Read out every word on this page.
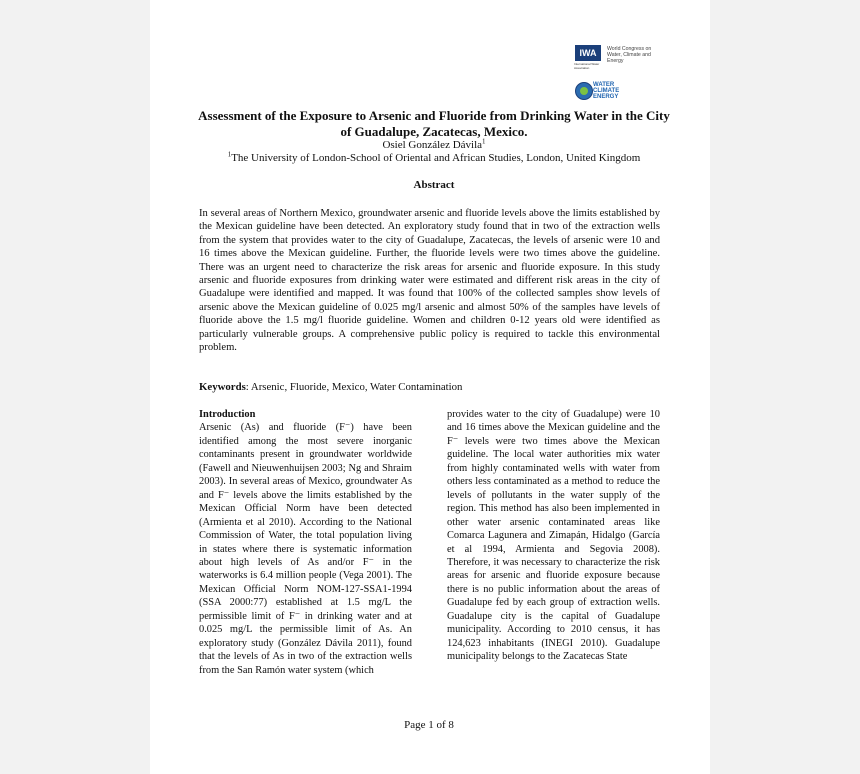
IWA
International Water Association
World Congress on Water, Climate and Energy
WATER CLIMATE ENERGY
Assessment of the Exposure to Arsenic and Fluoride from Drinking Water in the City of Guadalupe, Zacatecas, Mexico.
Osiel González Dávila$^1$
$^1$The University of London-School of Oriental and African Studies, London, United Kingdom
Abstract

In several areas of Northern Mexico, groundwater arsenic and fluoride levels above the limits established by the Mexican guideline have been detected. An exploratory study found that in two of the extraction wells from the system that provides water to the city of Guadalupe, Zacatecas, the levels of arsenic were 10 and 16 times above the Mexican guideline. Further, the fluoride levels were two times above the guideline. There was an urgent need to characterize the risk areas for arsenic and fluoride exposure. In this study arsenic and fluoride exposures from drinking water were estimated and different risk areas in the city of Guadalupe were identified and mapped. It was found that 100% of the collected samples show levels of arsenic above the Mexican guideline of 0.025 mg/l arsenic and almost 50% of the samples have levels of fluoride above the 1.5 mg/l fluoride guideline. Women and children 0-12 years old were identified as particularly vulnerable groups. A comprehensive public policy is required to tackle this environmental problem.

Keywords: Arsenic, Fluoride, Mexico, Water Contamination
Introduction

Arsenic (As) and fluoride (F⁻) have been identified among the most severe inorganic contaminants present in groundwater worldwide (Fawell and Nieuwenhuijsen 2003; Ng and Shraim 2003). In several areas of Mexico, groundwater As and F⁻ levels above the limits established by the Mexican Official Norm have been detected (Armienta et al 2010). According to the National Commission of Water, the total population living in states where there is systematic information about high levels of As and/or F⁻ in the waterworks is 6.4 million people (Vega 2001). The Mexican Official Norm NOM-127-SSA1-1994 (SSA 2000:77) established at 1.5 mg/L the permissible limit of F⁻ in drinking water and at 0.025 mg/L the permissible limit of As. An exploratory study (González Dávila 2011), found that the levels of As in two of the extraction wells from the San Ramón water system (which

provides water to the city of Guadalupe) were 10 and 16 times above the Mexican guideline and the F⁻ levels were two times above the Mexican guideline. The local water authorities mix water from highly contaminated wells with water from others less contaminated as a method to reduce the levels of pollutants in the water supply of the region. This method has also been implemented in other water arsenic contaminated areas like Comarca Lagunera and Zimapán, Hidalgo (García et al 1994, Armienta and Segovia 2008). Therefore, it was necessary to characterize the risk areas for arsenic and fluoride exposure because there is no public information about the areas of Guadalupe fed by each group of extraction wells. Guadalupe city is the capital of Guadalupe municipality. According to 2010 census, it has 124,623 inhabitants (INEGI 2010). Guadalupe municipality belongs to the Zacatecas State

Page 1 of 8
